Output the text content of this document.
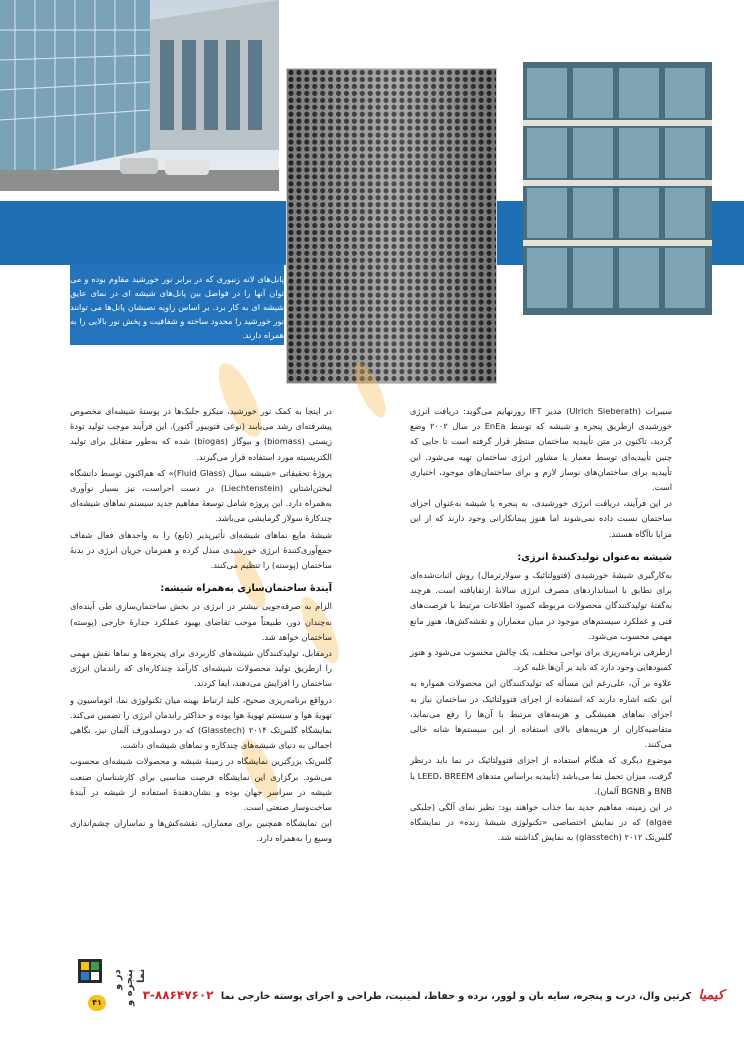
پانل‌های لانه زنبوری که در برابر نور خورشید مقاوم بوده و می توان آنها را در فواصل بین پانل‌های شیشه ای در نمای عایق شیشه ای به کار برد. بر اساس زاویه نصبشان پانل‌ها می توانند نور خورشید را محدود ساخته و شفافیت و پخش نور بالایی را به همراه دارند.

سیبرات (Ulrich Sieberath) مدیر IFT روزنهایم می‌گوید: دریافت انرژی خورشیدی ازطریق پنجره و شیشه که توسط EnEa در سال ۲۰۰۲ وضع گردید، تاکنون در متن تأییدیه ساختمان منتظر قرار گرفته است تا جایی که چنین تأییدیه‌ای توسط معمار یا مشاور انرژی ساختمان تهیه می‌شود. این تأییدیه برای ساختمان‌های نوساز لازم و برای ساختمان‌های موجود، اختیاری است.

در این فرآیند، دریافت انرژی خورشیدی، به پنجره یا شیشه به‌عنوان اجزای ساختمان نسبت داده نمی‌شوند اما هنوز پیمانکارانی وجود دارند که از این مزایا ناآگاه هستند.

شیشه به‌عنوان تولیدکنندهٔ انرژی:

به‌کارگیری شیشهٔ خورشیدی (فتوولتائیک و سولارترمال) روش اثبات‌شده‌ای برای تطابق با استانداردهای مصرف انرژی سالانهٔ ارتقایافته است. هرچند به‌گفتهٔ تولیدکنندگان محصولات مربوطه کمبود اطلاعات مرتبط با فرصت‌های فنی و عملکرد سیستم‌های موجود در میان معماران و نقشه‌کش‌ها، هنوز مانع مهمی محسوب می‌شود.

ازطرفی برنامه‌ریزی برای نواحی مختلف، یک چالش محسوب می‌شود و هنوز کمبودهایی وجود دارد که باید بر آن‌ها غلبه کرد.

علاوه بر آن، علی‌رغم این مسأله که تولیدکنندگان این محصولات همواره به این نکته اشاره دارند که استفاده از اجزای فتوولتائیک در ساختمان نیاز به اجزای نماهای همیشگی و هزینه‌های مرتبط با آن‌ها را رفع می‌نماید، متقاضیه‌کاران از هزینه‌های بالای استفاده از این سیستم‌ها شانه خالی می‌کنند.

موضوع دیگری که هنگام استفاده از اجزای فتوولتائیک در نما باید درنظر گرفت، میزان تحمل نما می‌باشد (تأییدیه براساس متدهای LEED، BREEM یا BNB و BGNB آلمان).

در این زمینه، مفاهیم جدید نما جذاب خواهند بود: نظیر نمای آلگی (جلبکی algae) که در نمایش اختصاصی «تکنولوژی شیشهٔ زنده» در نمایشگاه گلس‌تک ۲۰۱۲ (glasstech) به نمایش گذاشته شد.

در اینجا به کمک نور خورشید، میکرو جلبک‌ها در پوستهٔ شیشه‌ای مخصوص پیشرفته‌ای رشد می‌یابند (نوعی فتوبیور آکتور). این فرآیند موجب تولید تودهٔ زیستی (biomass) و بیوگاز (biogas) شده که به‌طور متقابل برای تولید الکتریسیته مورد استفاده قرار می‌گیرند.

پروژهٔ تحقیقاتی «شیشه سیال (Fluid Glass)» که هم‌اکنون توسط دانشگاه لیختن‌اشتاین (Liechtenstein) در دست اجراست، نیز بسیار نوآوری به‌همراه دارد. این پروژه شامل توسعهٔ مفاهیم جدید سیستم نماهای شیشه‌ای چندکارهٔ سولار گرمایشی می‌باشد.

شیشهٔ مایع نماهای شیشه‌ای تأثیرپذیر (تابع) را به واحدهای فعال شفاف جمع‌آوری‌کنندهٔ انرژی خورشیدی مبدل کرده و همزمان جریان انرژی در بدنهٔ ساختمان (پوسته) را تنظیم می‌کنند.

آیندهٔ ساختمان‌سازی به‌همراه شیشه:

الزام به صرفه‌جویی بیشتر در انرژی در بخش ساختمان‌سازی طی آینده‌ای نه‌چندان دور، طبیعتاً موجب تقاضای بهبود عملکرد جدارهٔ خارجی (پوسته) ساختمان خواهد شد.

درمقابل، تولیدکنندگان شیشه‌های کاربردی برای پنجره‌ها و نماها نقش مهمی را ازطریق تولید محصولات شیشه‌ای کارآمد چندکاره‌ای که راندمان انرژی ساختمان را افزایش می‌دهند، ایفا کردند.

درواقع برنامه‌ریزی صحیح، کلید ارتباط بهینه میان تکنولوژی نما، اتوماسیون و تهویهٔ هوا و سیستم تهویهٔ هوا بوده و حداکثر راندمان انرژی را تضمین می‌کند. نمایشگاه گلس‌تک ۲۰۱۴ (Glasstech) که در دوسلدورف آلمان نیز، نگاهی اجمالی به دنیای شیشه‌های چندکاره و نماهای شیشه‌ای داشت.

گلس‌تک بزرگترین نمایشگاه در زمینهٔ شیشه و محصولات شیشه‌ای محسوب می‌شود. برگزاری این نمایشگاه فرصت مناسبی برای کارشناسان صنعت شیشه در سراسر جهان بوده و نشان‌دهندهٔ استفاده از شیشه در آیندهٔ ساخت‌وساز صنعتی است.

این نمایشگاه همچنین برای معماران، نقشه‌کش‌ها و نماسازان چشم‌اندازی وسیع را به‌همراه دارد.

۴۱
در و پنجره و نما
کیمیا کرتین وال، درب و پنجره، سایه بان و لوور، نرده و حفاظ، لمینیت، طراحی و اجرای پوسته خارجی نما ۸۸۶۴۷۶۰۲-۳
